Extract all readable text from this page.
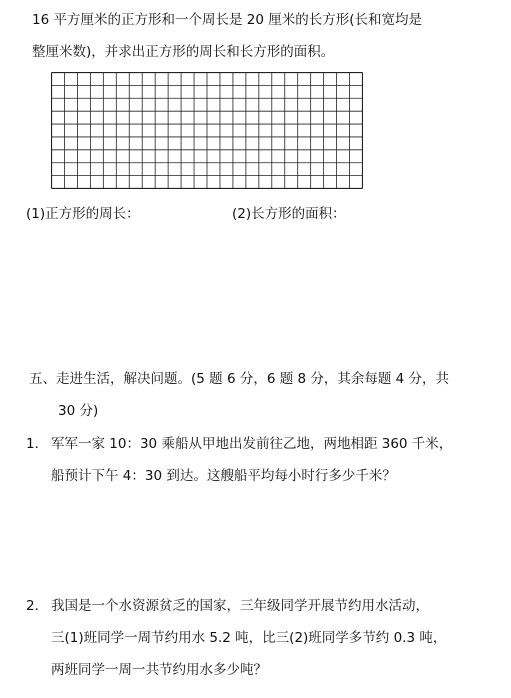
16 平方厘米的正方形和一个周长是 20 厘米的长方形(长和宽均是
整厘米数)，并求出正方形的周长和长方形的面积。
(1)正方形的周长：	(2)长方形的面积：
五、走进生活，解决问题。(5 题 6 分，6 题 8 分，其余每题 4 分，共
30 分)
1． 军军一家 10：30 乘船从甲地出发前往乙地，两地相距 360 千米，
船预计下午 4：30 到达。这艘船平均每小时行多少千米？
2． 我国是一个水资源贫乏的国家，三年级同学开展节约用水活动，
三(1)班同学一周节约用水 5.2 吨，比三(2)班同学多节约 0.3 吨，
两班同学一周一共节约用水多少吨？
